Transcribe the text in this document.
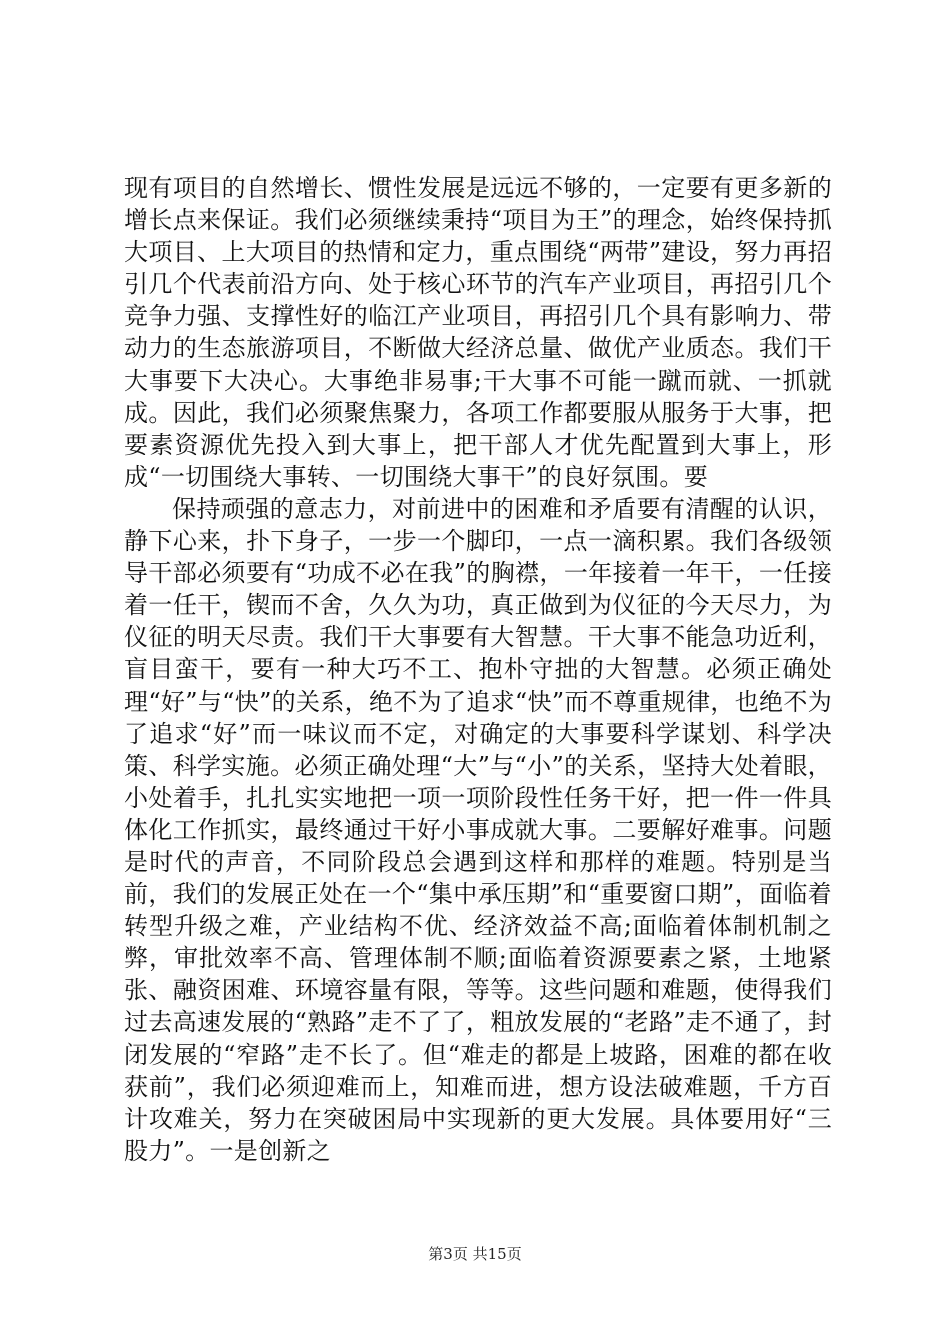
现有项目的自然增长、惯性发展是远远不够的，一定要有更多新的增长点来保证。我们必须继续秉持“项目为王”的理念，始终保持抓大项目、上大项目的热情和定力，重点围绕“两带”建设，努力再招引几个代表前沿方向、处于核心环节的汽车产业项目，再招引几个竞争力强、支撑性好的临江产业项目，再招引几个具有影响力、带动力的生态旅游项目，不断做大经济总量、做优产业质态。我们干大事要下大决心。大事绝非易事;干大事不可能一蹴而就、一抓就成。因此，我们必须聚焦聚力，各项工作都要服从服务于大事，把要素资源优先投入到大事上，把干部人才优先配置到大事上，形成“一切围绕大事转、一切围绕大事干”的良好氛围。要

保持顽强的意志力，对前进中的困难和矛盾要有清醒的认识，静下心来，扑下身子，一步一个脚印，一点一滴积累。我们各级领导干部必须要有“功成不必在我”的胸襟，一年接着一年干，一任接着一任干，锲而不舍，久久为功，真正做到为仪征的今天尽力，为仪征的明天尽责。我们干大事要有大智慧。干大事不能急功近利，盲目蛮干，要有一种大巧不工、抱朴守拙的大智慧。必须正确处理“好”与“快”的关系，绝不为了追求“快”而不尊重规律，也绝不为了追求“好”而一味议而不定，对确定的大事要科学谋划、科学决策、科学实施。必须正确处理“大”与“小”的关系，坚持大处着眼，小处着手，扎扎实实地把一项一项阶段性任务干好，把一件一件具体化工作抓实，最终通过干好小事成就大事。二要解好难事。问题是时代的声音，不同阶段总会遇到这样和那样的难题。特别是当前，我们的发展正处在一个“集中承压期”和“重要窗口期”，面临着转型升级之难，产业结构不优、经济效益不高;面临着体制机制之弊，审批效率不高、管理体制不顺;面临着资源要素之紧，土地紧张、融资困难、环境容量有限，等等。这些问题和难题，使得我们过去高速发展的“熟路”走不了了，粗放发展的“老路”走不通了，封闭发展的“窄路”走不长了。但“难走的都是上坡路，困难的都在收获前”，我们必须迎难而上，知难而进，想方设法破难题，千方百计攻难关，努力在突破困局中实现新的更大发展。具体要用好“三股力”。一是创新之

第3页 共15页
